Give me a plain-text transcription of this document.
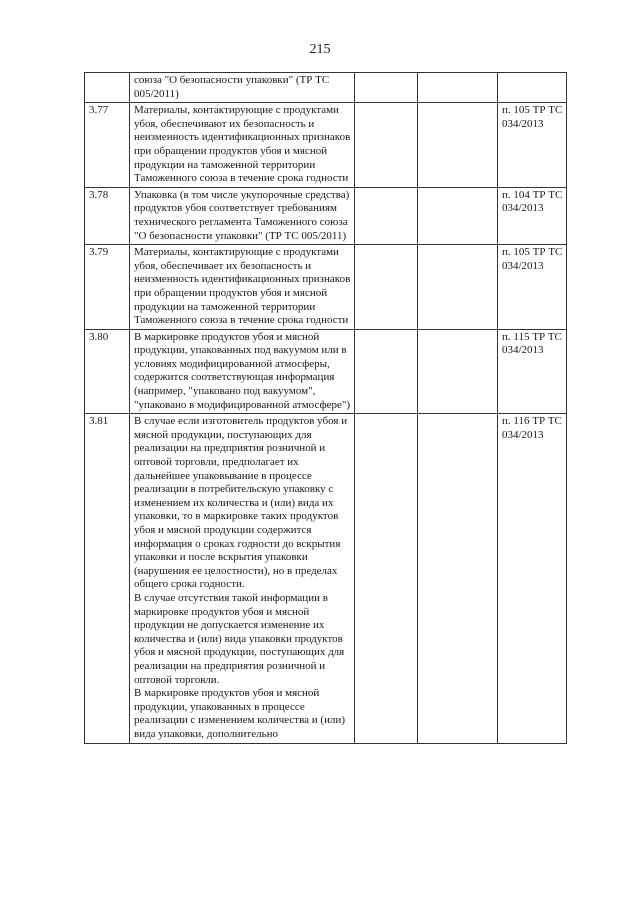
215

	союза "О безопасности упаковки" (ТР ТС 005/2011)			

3.77	Материалы, контактирующие с продуктами убоя, обеспечивают их безопасность и неизменность идентификационных признаков при обращении продуктов убоя и мясной продукции на таможенной территории Таможенного союза в течение срока годности			п. 105 ТР ТС
034/2013
3.78	Упаковка (в том числе укупорочные средства) продуктов убоя соответствует требованиям технического регламента Таможенного союза "О безопасности упаковки" (ТР ТС 005/2011)			п. 104 ТР ТС
034/2013
3.79	Материалы, контактирующие с продуктами убоя, обеспечивает их безопасность и неизменность идентификационных признаков при обращении продуктов убоя и мясной продукции на таможенной территории Таможенного союза в течение срока годности			п. 105 ТР ТС
034/2013
3.80	В маркировке продуктов убоя и мясной продукции, упакованных под вакуумом или в условиях модифицированной атмосферы, содержится соответствующая информация (например, "упаковано под вакуумом", "упаковано в модифицированной атмосфере")			п. 115 ТР ТС
034/2013
3.81	В случае если изготовитель продуктов убоя и мясной продукции, поступающих для реализации на предприятия розничной и оптовой торговли, предполагает их дальнейшее упаковывание в процессе реализации в потребительскую упаковку с изменением их количества и (или) вида их упаковки, то в маркировке таких продуктов убоя и мясной продукции содержится информация о сроках годности до вскрытия упаковки и после вскрытия упаковки (нарушения ее целостности), но в пределах общего срока годности.
В случае отсутствия такой информации в маркировке продуктов убоя и мясной продукции не допускается изменение их количества и (или) вида упаковки продуктов убоя и мясной продукции, поступающих для реализации на предприятия розничной и оптовой торговли.
В маркировке продуктов убоя и мясной продукции, упакованных в процессе реализации с изменением количества и (или) вида упаковки, дополнительно			п. 116 ТР ТС
034/2013
